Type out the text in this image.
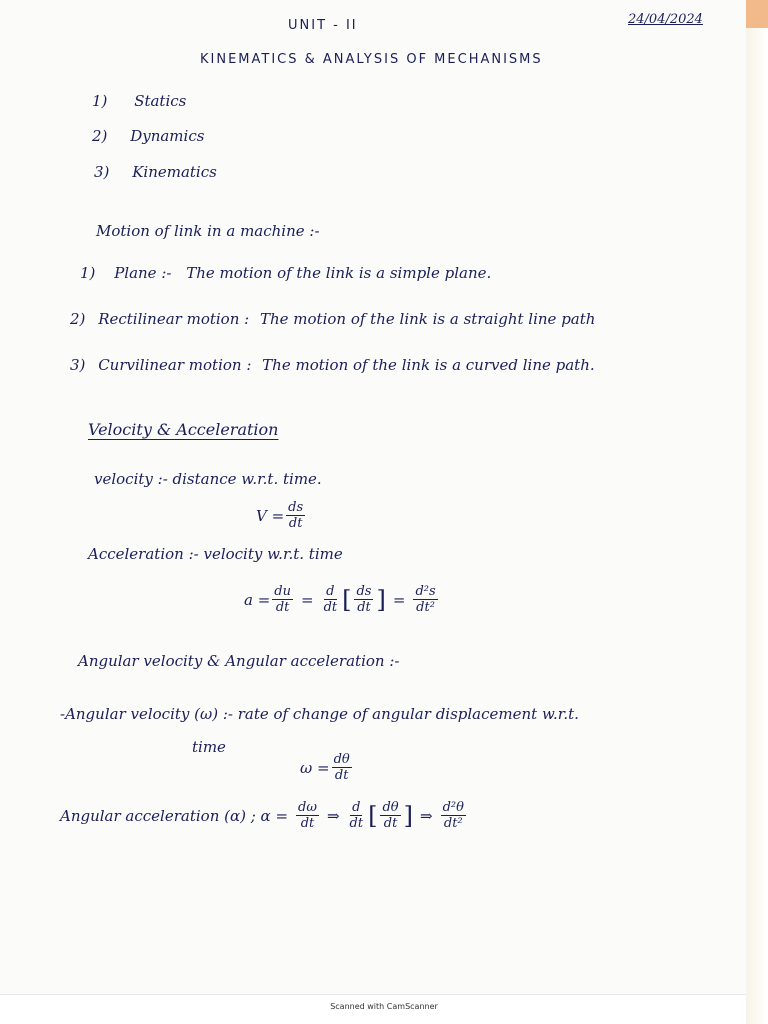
UNIT - II	24/04/2024
KINEMATICS & ANALYSIS OF MECHANISMS
1) Statics
2) Dynamics
3) Kinematics
Motion of link in a machine :-
1) Plane :- The motion of the link is a simple plane.
2) Rectilinear motion : The motion of the link is a straight line path
3) Curvilinear motion : The motion of the link is a curved line path.
Velocity & Acceleration
velocity :- distance w.r.t. time.
$V = \frac{ds}{dt}$
Acceleration :- velocity w.r.t. time
$a = \frac{du}{dt} = \frac{d}{dt}$ [ $\frac{ds}{dt}$ ] = $\frac{\text{d²s}}{\text{dt²}}$
Angular velocity & Angular acceleration :-
-Angular velocity (ω) :- rate of change of angular displacement w.r.t.
time
$\omega = \frac{d\theta}{dt}$
Angular acceleration (α) ; $\alpha = \frac{d\omega}{dt}$ ⇒ $\frac{d}{dt}$ [ $\frac{d\theta}{dt}$ ] ⇒ $\frac{\text{d²θ}}{\text{dt²}}$
Scanned with CamScanner
